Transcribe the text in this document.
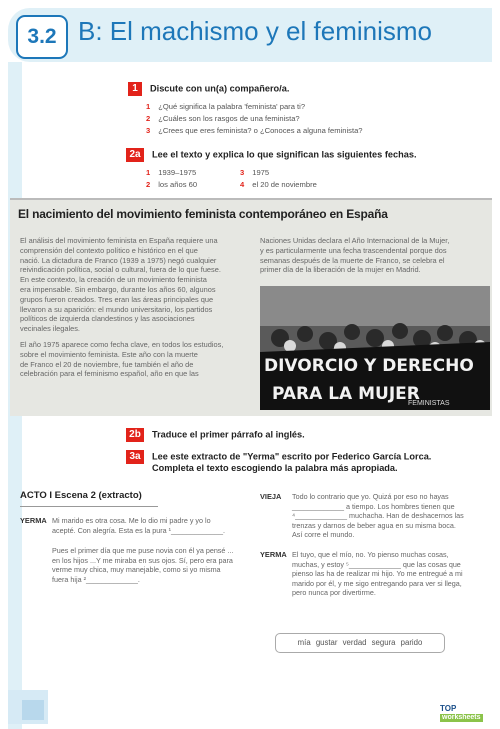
3.2 B: El machismo y el feminismo
1 Discute con un(a) compañero/a.
1 ¿Qué significa la palabra 'feminista' para ti?
2 ¿Cuáles son los rasgos de una feminista?
3 ¿Crees que eres feminista? o ¿Conoces a alguna feminista?
2a Lee el texto y explica lo que significan las siguientes fechas.
1 1939–1975	3 1975
2 los años 60	4 el 20 de noviembre
El nacimiento del movimiento feminista contemporáneo en España
El análisis del movimiento feminista en España requiere una
comprensión del contexto político e histórico en el que
nació. La dictadura de Franco (1939 a 1975) negó cualquier
reivindicación política, social o cultural, fuera de lo que fuese.
En este contexto, la creación de un movimiento feminista
era impensable. Sin embargo, durante los años 60, algunos
grupos fueron creados. Tres eran las áreas principales que
llevaron a su aparición: el mundo universitario, los partidos
políticos de izquierda clandestinos y las asociaciones
vecinales ilegales.
El año 1975 aparece como fecha clave, en todos los estudios,
sobre el movimiento feminista. Este año con la muerte
de Franco el 20 de noviembre, fue también el año de
celebración para el feminismo español, año en que las
Naciones Unidas declara el Año Internacional de la Mujer,
y es particularmente una fecha trascendental porque dos
semanas después de la muerte de Franco, se celebra el
primer día de la liberación de la mujer en Madrid.
DIVORCIO Y DERECHO
PARA LA MUJER
FEMINISTAS
2b Traduce el primer párrafo al inglés.
3a Lee este extracto de "Yerma" escrito por Federico García Lorca.
Completa el texto escogiendo la palabra más apropiada.
ACTO I Escena 2 (extracto)
YERMA Mi marido es otra cosa. Me lo dio mi padre y yo lo
acepté. Con alegría. Esta es la pura ¹_____________.
Pues el primer día que me puse novia con él ya pensé ...
en los hijos ...Y me miraba en sus ojos. Sí, pero era para
verme muy chica, muy manejable, como si yo misma
fuera hija ²_____________.
VIEJA Todo lo contrario que yo. Quizá por eso no hayas
_____________ a tiempo. Los hombres tienen que
⁴_____________ muchacha. Han de deshacernos las
trenzas y darnos de beber agua en su misma boca.
Así corre el mundo.
YERMA El tuyo, que el mío, no. Yo pienso muchas cosas,
muchas, y estoy ⁵_____________ que las cosas que
pienso las ha de realizar mi hijo. Yo me entregué a mi
marido por él, y me sigo entregando para ver si llega,
pero nunca por divertirme.
mía gustar verdad segura parido
TOP
worksheets
